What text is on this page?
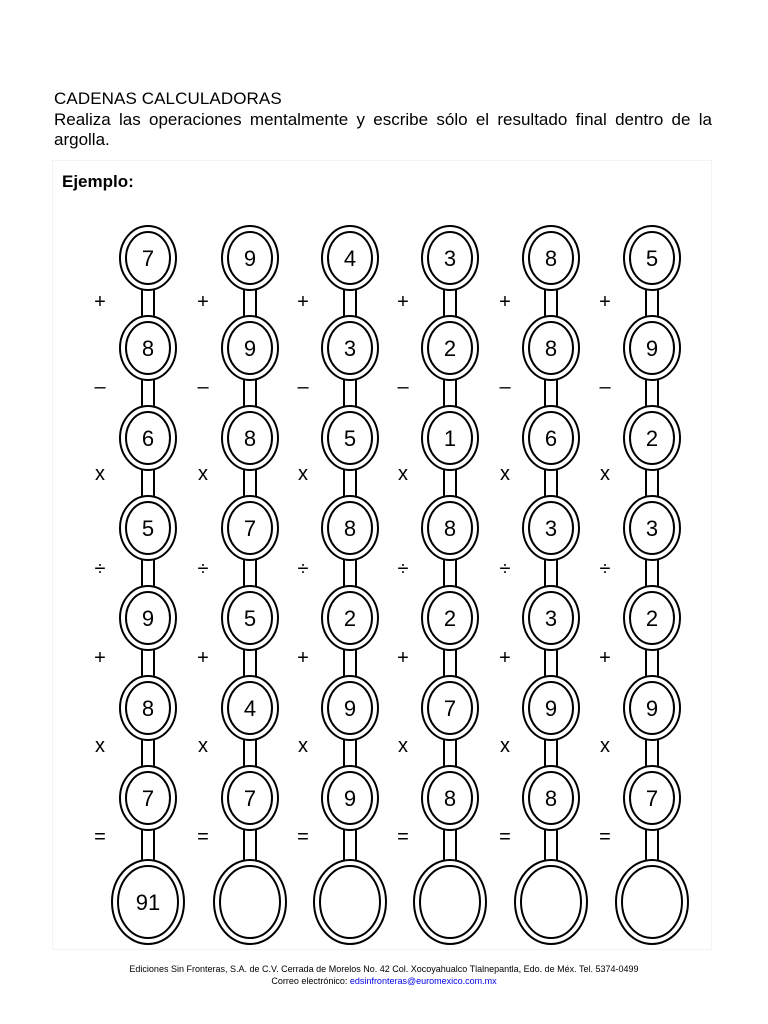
CADENAS CALCULADORAS
Realiza las operaciones mentalmente y escribe sólo el resultado final dentro de la argolla.
Ejemplo:
7
8
6
5
9
8
7
91
+
–
x
÷
+
x
=
9
9
8
7
5
4
7
+
–
x
÷
+
x
=
4
3
5
8
2
9
9
+
–
x
÷
+
x
=
3
2
1
8
2
7
8
+
–
x
÷
+
x
=
8
8
6
3
3
9
8
+
–
x
÷
+
x
=
5
9
2
3
2
9
7
+
–
x
÷
+
x
=
Ediciones Sin Fronteras, S.A. de C.V. Cerrada de Morelos No. 42 Col. Xocoyahualco Tlalnepantla, Edo. de Méx. Tel. 5374-0499
Correo electrónico: edsinfronteras@euromexico.com.mx
